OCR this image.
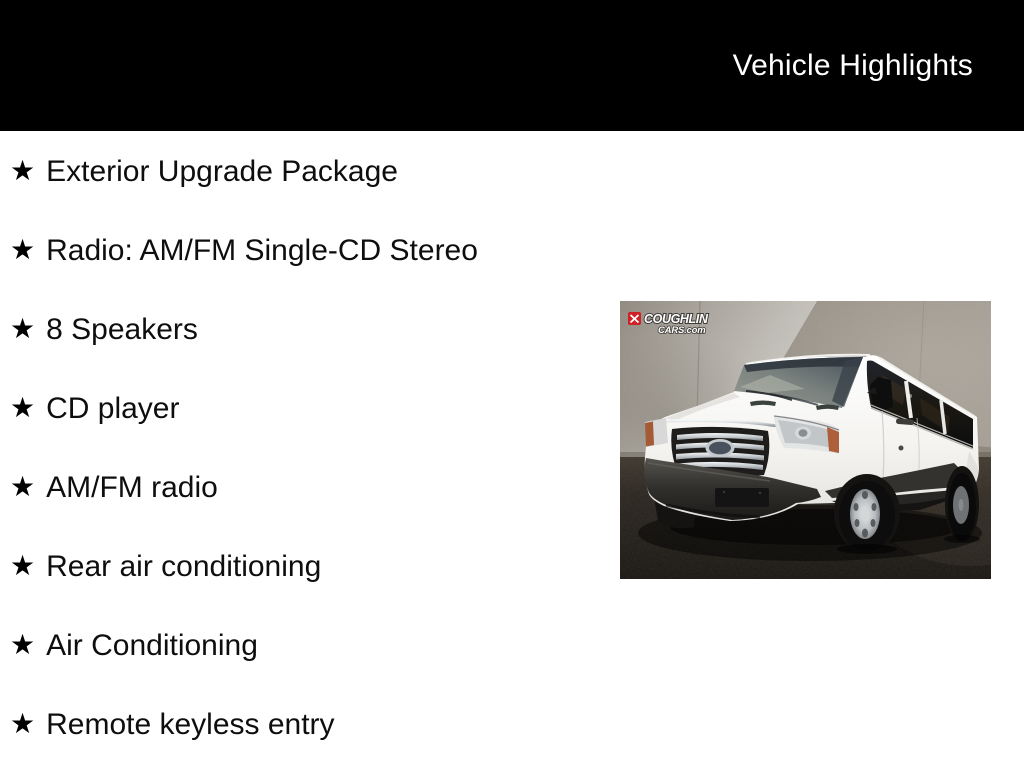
Vehicle Highlights
★ Exterior Upgrade Package
★ Radio: AM/FM Single-CD Stereo
★ 8 Speakers
★ CD player
★ AM/FM radio
★ Rear air conditioning
★ Air Conditioning
★ Remote keyless entry
COUGHLIN
CARS.com
